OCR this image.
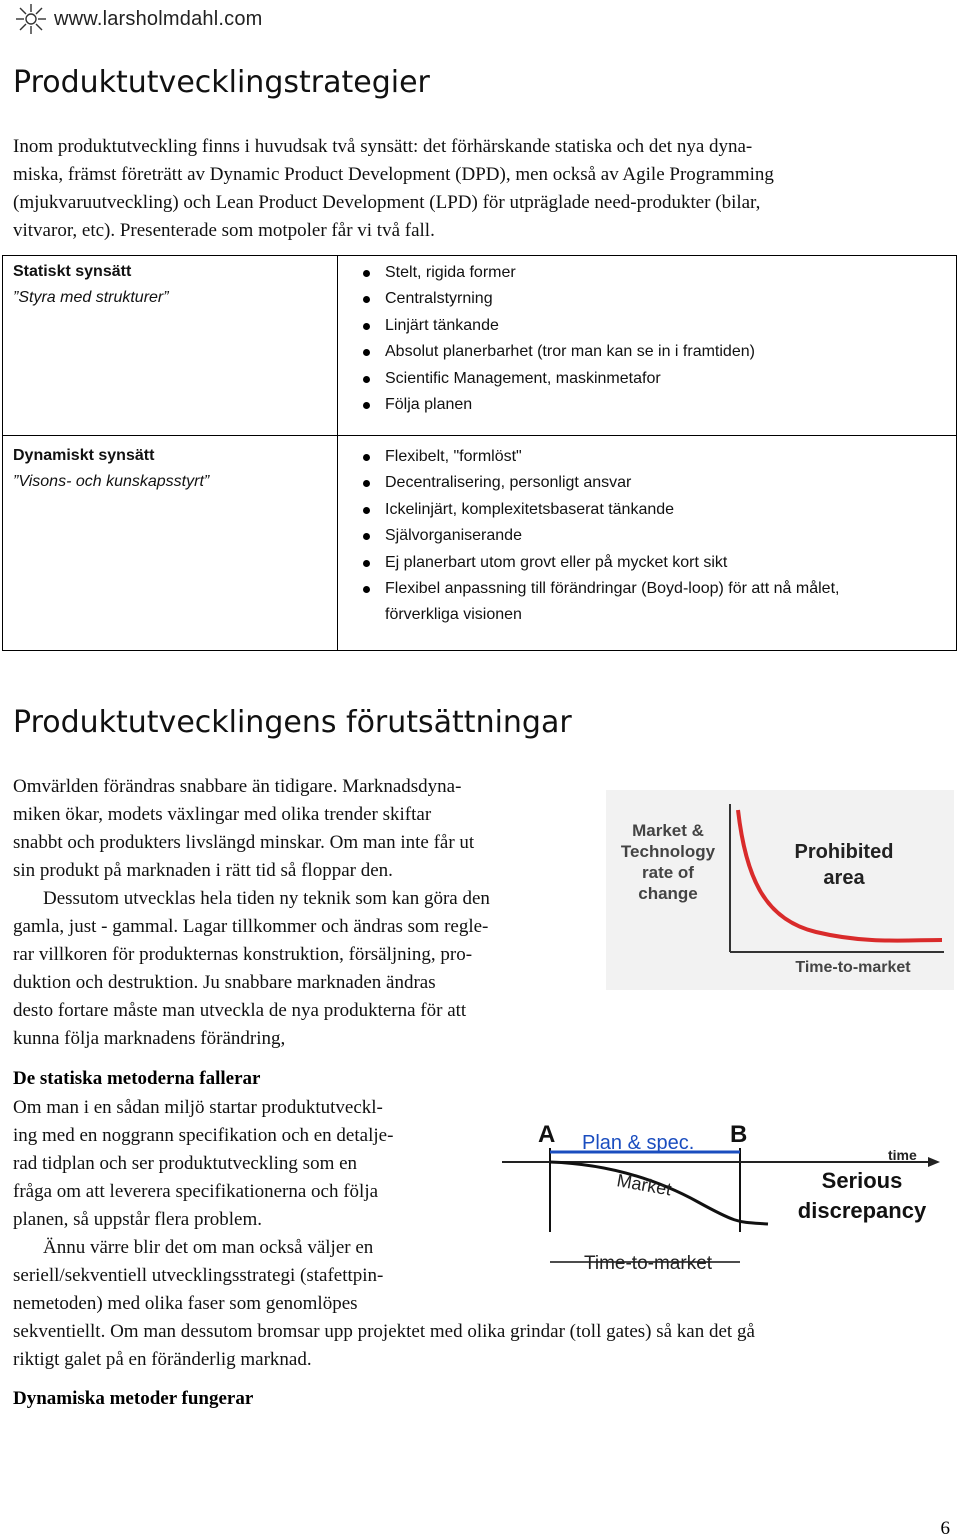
www.larsholmdahl.com
Produktutvecklingstrategier

Inom produktutveckling finns i huvudsak två synsätt: det förhärskande statiska och det nya dyna-
miska, främst företrätt av Dynamic Product Development (DPD), men också av Agile Programming
(mjukvaruutveckling) och Lean Product Development (LPD) för utpräglade need-produkter (bilar,
vitvaror, etc). Presenterade som motpoler får vi två fall.

Statiskt synsätt
”Styra med strukturer”
Stelt, rigida former
Centralstyrning
Linjärt tänkande
Absolut planerbarhet (tror man kan se in i framtiden)
Scientific Management, maskinmetafor
Följa planen
Dynamiskt synsätt
”Visons- och kunskapsstyrt”
Flexibelt, "formlöst"
Decentralisering, personligt ansvar
Ickelinjärt, komplexitetsbaserat tänkande
Självorganiserande
Ej planerbart utom grovt eller på mycket kort sikt
Flexibel anpassning till förändringar (Boyd-loop) för att nå målet,
förverkliga visionen
Produktutvecklingens förutsättningar

Omvärlden förändras snabbare än tidigare. Marknadsdyna-
miken ökar, modets växlingar med olika trender skiftar
snabbt och produkters livslängd minskar. Om man inte får ut
sin produkt på marknaden i rätt tid så floppar den.
Dessutom utvecklas hela tiden ny teknik som kan göra den
gamla, just - gammal. Lagar tillkommer och ändras som regle-
rar villkoren för produkternas konstruktion, försäljning, pro-
duktion och destruktion. Ju snabbare marknaden ändras
desto fortare måste man utveckla de nya produkterna för att
kunna följa marknadens förändring,

Market &
Technology
rate of
change
Prohibited
area
Time-to-market
De statiska metoderna fallerar

Om man i en sådan miljö startar produktutveckl-
ing med en noggrann specifikation och en detalje-
rad tidplan och ser produktutveckling som en
fråga om att leverera specifikationerna och följa
planen, så uppstår flera problem.
Ännu värre blir det om man också väljer en
seriell/sekventiell utvecklingsstrategi (stafettpin-
nemetoden) med olika faser som genomlöpes
sekventiellt. Om man dessutom bromsar upp projektet med olika grindar (toll gates) så kan det gå
riktigt galet på en föränderlig marknad.

A	B
Plan & spec.
time
Market	Serious
discrepancy
Time-to-market
Dynamiska metoder fungerar
6
